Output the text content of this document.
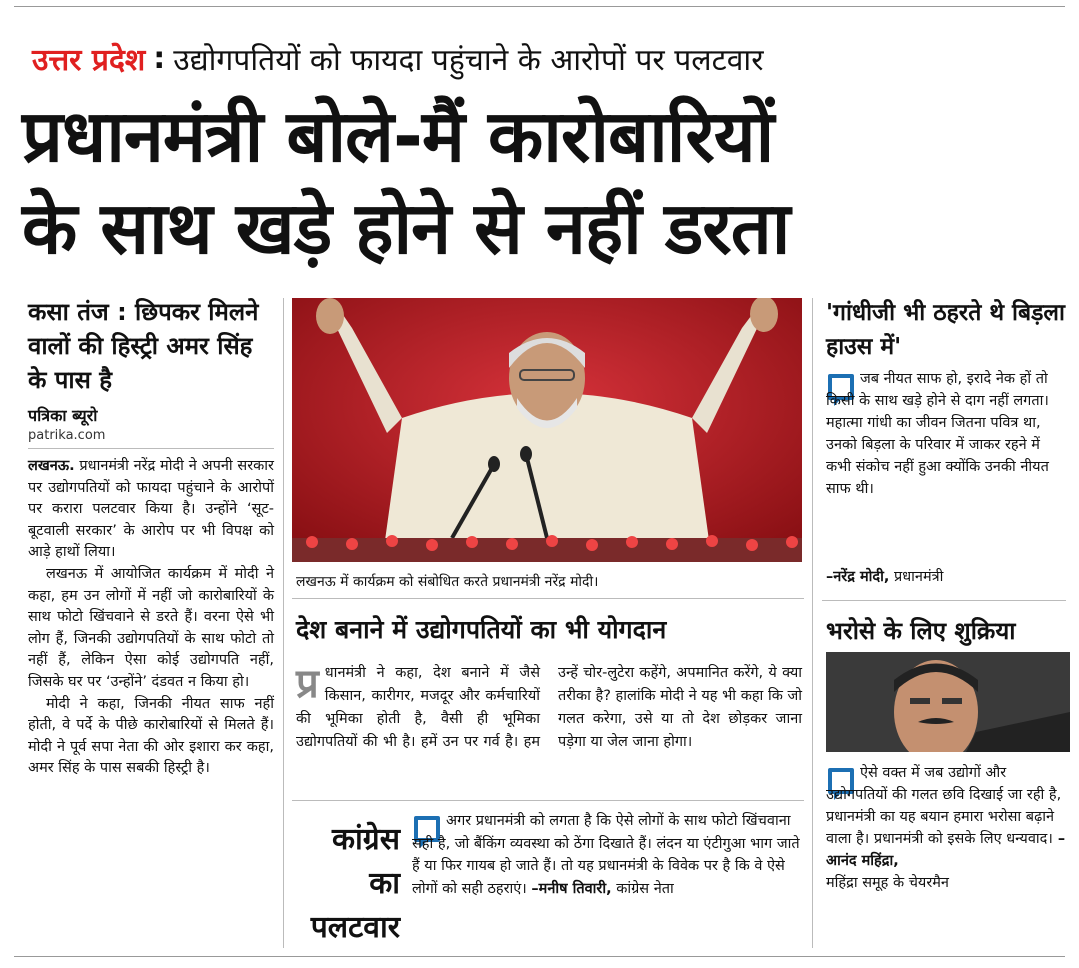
उत्तर प्रदेश : उद्योगपतियों को फायदा पहुंचाने के आरोपों पर पलटवार
प्रधानमंत्री बोले-मैं कारोबारियों
के साथ खड़े होने से नहीं डरता
कसा तंज : छिपकर मिलने वालों की हिस्ट्री अमर सिंह के पास है
पत्रिका ब्यूरो
patrika.com

लखनऊ. प्रधानमंत्री नरेंद्र मोदी ने अपनी सरकार पर उद्योगपतियों को फायदा पहुंचाने के आरोपों पर करारा पलटवार किया है। उन्होंने ‘सूट-बूटवाली सरकार’ के आरोप पर भी विपक्ष को आड़े हाथों लिया।

लखनऊ में आयोजित कार्यक्रम में मोदी ने कहा, हम उन लोगों में नहीं जो कारोबारियों के साथ फोटो खिंचवाने से डरते हैं। वरना ऐसे भी लोग हैं, जिनकी उद्योगपतियों के साथ फोटो तो नहीं हैं, लेकिन ऐसा कोई उद्योगपति नहीं, जिसके घर पर ‘उन्होंने’ दंडवत न किया हो।

मोदी ने कहा, जिनकी नीयत साफ नहीं होती, वे पर्दे के पीछे कारोबारियों से मिलते हैं। मोदी ने पूर्व सपा नेता की ओर इशारा कर कहा, अमर सिंह के पास सबकी हिस्ट्री है।

लखनऊ में कार्यक्रम को संबोधित करते प्रधानमंत्री नरेंद्र मोदी।
देश बनाने में उद्योगपतियों का भी योगदान
प्र धानमंत्री ने कहा, देश बनाने में जैसे किसान, कारीगर, मजदूर और कर्मचारियों की भूमिका होती है, वैसी ही भूमिका उद्योगपतियों की भी है। हमें उन पर गर्व है। हम उन्हें चोर-लुटेरा कहेंगे, अपमानित करेंगे, ये क्या तरीका है? हालांकि मोदी ने यह भी कहा कि जो गलत करेगा, उसे या तो देश छोड़कर जाना पड़ेगा या जेल जाना होगा।
कांग्रेस
का
पलटवार
अगर प्रधानमंत्री को लगता है कि ऐसे लोगों के साथ फोटो खिंचवाना सही है, जो बैंकिंग व्यवस्था को ठेंगा दिखाते हैं। लंदन या एंटीगुआ भाग जाते हैं या फिर गायब हो जाते हैं। तो यह प्रधानमंत्री के विवेक पर है कि वे ऐसे लोगों को सही ठहराएं। –मनीष तिवारी, कांग्रेस नेता
'गांधीजी भी ठहरते थे बिड़ला हाउस में'
जब नीयत साफ हो, इरादे नेक हों तो किसी के साथ खड़े होने से दाग नहीं लगता। महात्मा गांधी का जीवन जितना पवित्र था, उनको बिड़ला के परिवार में जाकर रहने में कभी संकोच नहीं हुआ क्योंकि उनकी नीयत साफ थी।
–नरेंद्र मोदी, प्रधानमंत्री
भरोसे के लिए शुक्रिया
ऐसे वक्त में जब उद्योगों और उद्योगपतियों की गलत छवि दिखाई जा रही है, प्रधानमंत्री का यह बयान हमारा भरोसा बढ़ाने वाला है। प्रधानमंत्री को इसके लिए धन्यवाद। –आनंद महिंद्रा,
महिंद्रा समूह के चेयरमैन
